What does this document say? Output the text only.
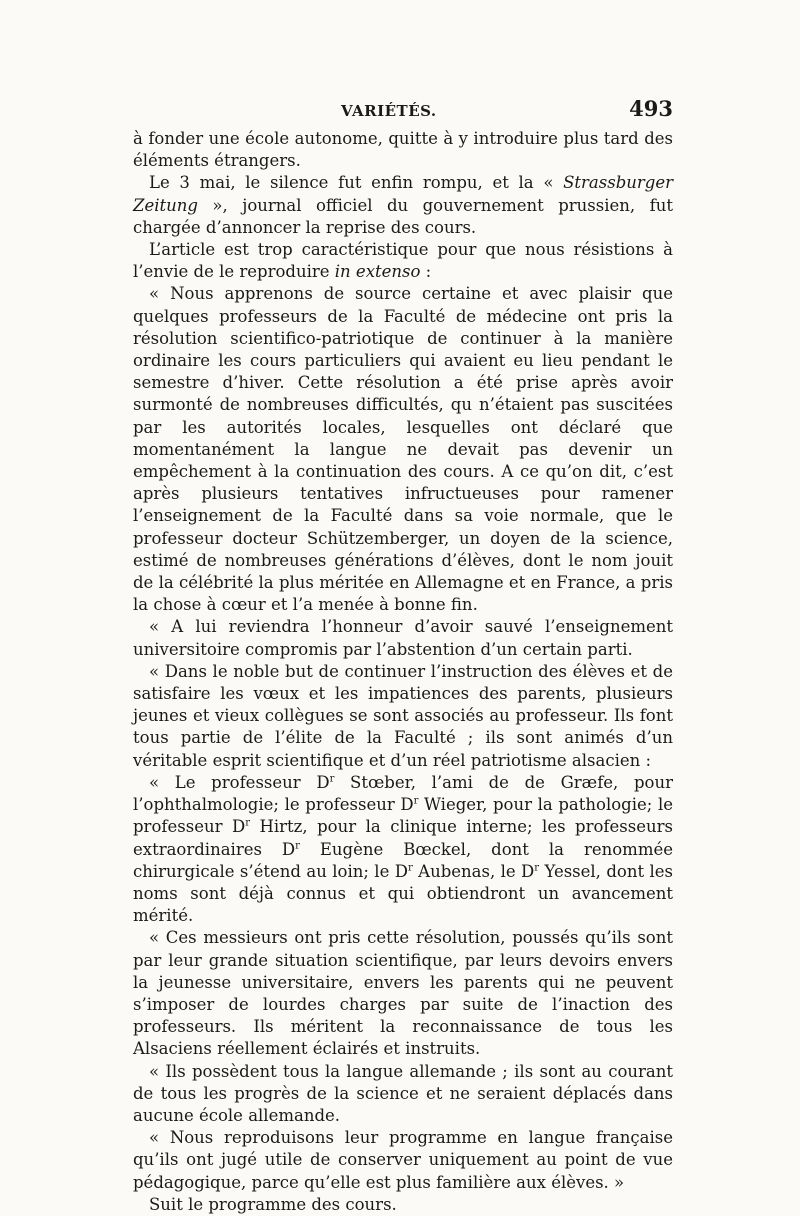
VARIÉTÉS.	493

à fonder une école autonome, quitte à y introduire plus tard des éléments étrangers.

Le 3 mai, le silence fut enfin rompu, et la « Strassburger Zeitung », journal officiel du gouvernement prussien, fut chargée d’annoncer la reprise des cours.

L’article est trop caractéristique pour que nous résistions à l’envie de le reproduire in extenso :

« Nous apprenons de source certaine et avec plaisir que quelques professeurs de la Faculté de médecine ont pris la résolution scientifico-patriotique de continuer à la manière ordinaire les cours particuliers qui avaient eu lieu pendant le semestre d’hiver. Cette résolution a été prise après avoir surmonté de nombreuses difficultés, qu n’étaient pas suscitées par les autorités locales, lesquelles ont déclaré que momentanément la langue ne devait pas devenir un empêchement à la continuation des cours. A ce qu’on dit, c’est après plusieurs tentatives infructueuses pour ramener l’enseignement de la Faculté dans sa voie normale, que le professeur docteur Schützemberger, un doyen de la science, estimé de nombreuses générations d’élèves, dont le nom jouit de la célébrité la plus méritée en Allemagne et en France, a pris la chose à cœur et l’a menée à bonne fin.

« A lui reviendra l’honneur d’avoir sauvé l’enseignement universitoire compromis par l’abstention d’un certain parti.

« Dans le noble but de continuer l’instruction des élèves et de satisfaire les vœux et les impatiences des parents, plusieurs jeunes et vieux collègues se sont associés au professeur. Ils font tous partie de l’élite de la Faculté ; ils sont animés d’un véritable esprit scientifique et d’un réel patriotisme alsacien :

« Le professeur $D^r$ Stœber, l’ami de de Græfe, pour l’ophthalmologie; le professeur $D^r$ Wieger, pour la pathologie; le professeur $D^r$ Hirtz, pour la clinique interne; les professeurs extraordinaires $D^r$ Eugène Bœckel, dont la renommée chirurgicale s’étend au loin; le $D^r$ Aubenas, le $D^r$ Yessel, dont les noms sont déjà connus et qui obtiendront un avancement mérité.

« Ces messieurs ont pris cette résolution, poussés qu’ils sont par leur grande situation scientifique, par leurs devoirs envers la jeunesse universitaire, envers les parents qui ne peuvent s’imposer de lourdes charges par suite de l’inaction des professeurs. Ils méritent la reconnaissance de tous les Alsaciens réellement éclairés et instruits.

« Ils possèdent tous la langue allemande ; ils sont au courant de tous les progrès de la science et ne seraient déplacés dans aucune école allemande.

« Nous reproduisons leur programme en langue française qu’ils ont jugé utile de conserver uniquement au point de vue pédagogique, parce qu’elle est plus familière aux élèves. »

Suit le programme des cours.
